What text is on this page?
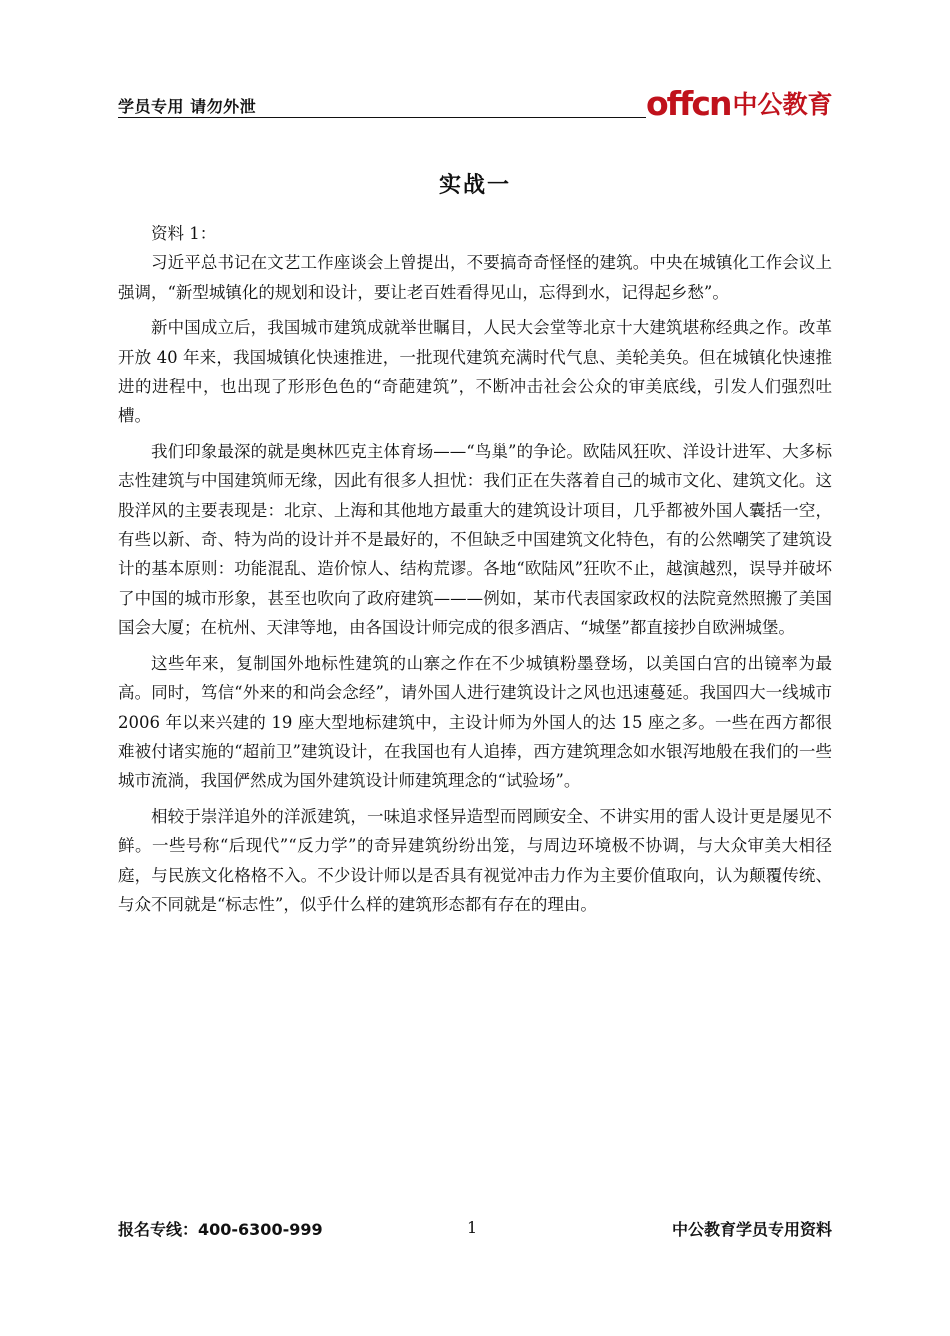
学员专用 请勿外泄	offcn 中公教育
实战一

资料 1：

习近平总书记在文艺工作座谈会上曾提出，不要搞奇奇怪怪的建筑。中央在城镇化工作会议上强调，“新型城镇化的规划和设计，要让老百姓看得见山，忘得到水，记得起乡愁”。

新中国成立后，我国城市建筑成就举世瞩目，人民大会堂等北京十大建筑堪称经典之作。改革开放 40 年来，我国城镇化快速推进，一批现代建筑充满时代气息、美轮美奂。但在城镇化快速推进的进程中，也出现了形形色色的“奇葩建筑”，不断冲击社会公众的审美底线，引发人们强烈吐槽。

我们印象最深的就是奥林匹克主体育场——“鸟巢”的争论。欧陆风狂吹、洋设计进军、大多标志性建筑与中国建筑师无缘，因此有很多人担忧：我们正在失落着自己的城市文化、建筑文化。这股洋风的主要表现是：北京、上海和其他地方最重大的建筑设计项目，几乎都被外国人囊括一空，有些以新、奇、特为尚的设计并不是最好的，不但缺乏中国建筑文化特色，有的公然嘲笑了建筑设计的基本原则：功能混乱、造价惊人、结构荒谬。各地“欧陆风”狂吹不止，越演越烈，误导并破坏了中国的城市形象，甚至也吹向了政府建筑———例如，某市代表国家政权的法院竟然照搬了美国国会大厦；在杭州、天津等地，由各国设计师完成的很多酒店、“城堡”都直接抄自欧洲城堡。

这些年来，复制国外地标性建筑的山寨之作在不少城镇粉墨登场，以美国白宫的出镜率为最高。同时，笃信“外来的和尚会念经”，请外国人进行建筑设计之风也迅速蔓延。我国四大一线城市 2006 年以来兴建的 19 座大型地标建筑中，主设计师为外国人的达 15 座之多。一些在西方都很难被付诸实施的“超前卫”建筑设计，在我国也有人追捧，西方建筑理念如水银泻地般在我们的一些城市流淌，我国俨然成为国外建筑设计师建筑理念的“试验场”。

相较于崇洋追外的洋派建筑，一味追求怪异造型而罔顾安全、不讲实用的雷人设计更是屡见不鲜。一些号称“后现代”“反力学”的奇异建筑纷纷出笼，与周边环境极不协调，与大众审美大相径庭，与民族文化格格不入。不少设计师以是否具有视觉冲击力作为主要价值取向，认为颠覆传统、与众不同就是“标志性”，似乎什么样的建筑形态都有存在的理由。

报名专线：400-6300-999	1	中公教育学员专用资料
